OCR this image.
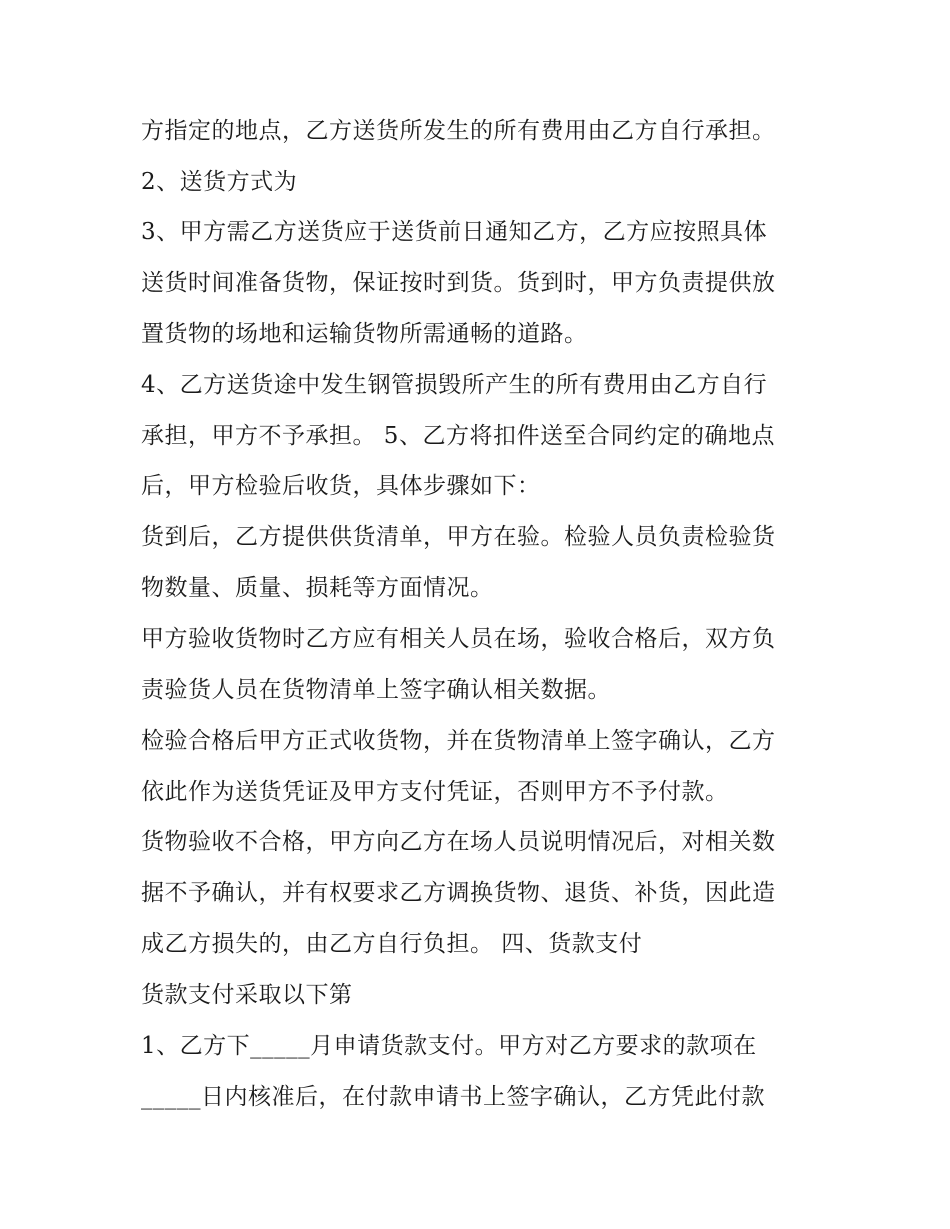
方指定的地点，乙方送货所发生的所有费用由乙方自行承担。
2、送货方式为
3、甲方需乙方送货应于送货前日通知乙方，乙方应按照具体
送货时间准备货物，保证按时到货。货到时，甲方负责提供放
置货物的场地和运输货物所需通畅的道路。
4、乙方送货途中发生钢管损毁所产生的所有费用由乙方自行
承担，甲方不予承担。 5、乙方将扣件送至合同约定的确地点
后，甲方检验后收货，具体步骤如下：
货到后，乙方提供供货清单，甲方在验。检验人员负责检验货
物数量、质量、损耗等方面情况。
甲方验收货物时乙方应有相关人员在场，验收合格后，双方负
责验货人员在货物清单上签字确认相关数据。
检验合格后甲方正式收货物，并在货物清单上签字确认，乙方
依此作为送货凭证及甲方支付凭证，否则甲方不予付款。
货物验收不合格，甲方向乙方在场人员说明情况后，对相关数
据不予确认，并有权要求乙方调换货物、退货、补货，因此造
成乙方损失的，由乙方自行负担。 四、货款支付
货款支付采取以下第
1、乙方下_____月申请货款支付。甲方对乙方要求的款项在
_____日内核准后，在付款申请书上签字确认，乙方凭此付款
